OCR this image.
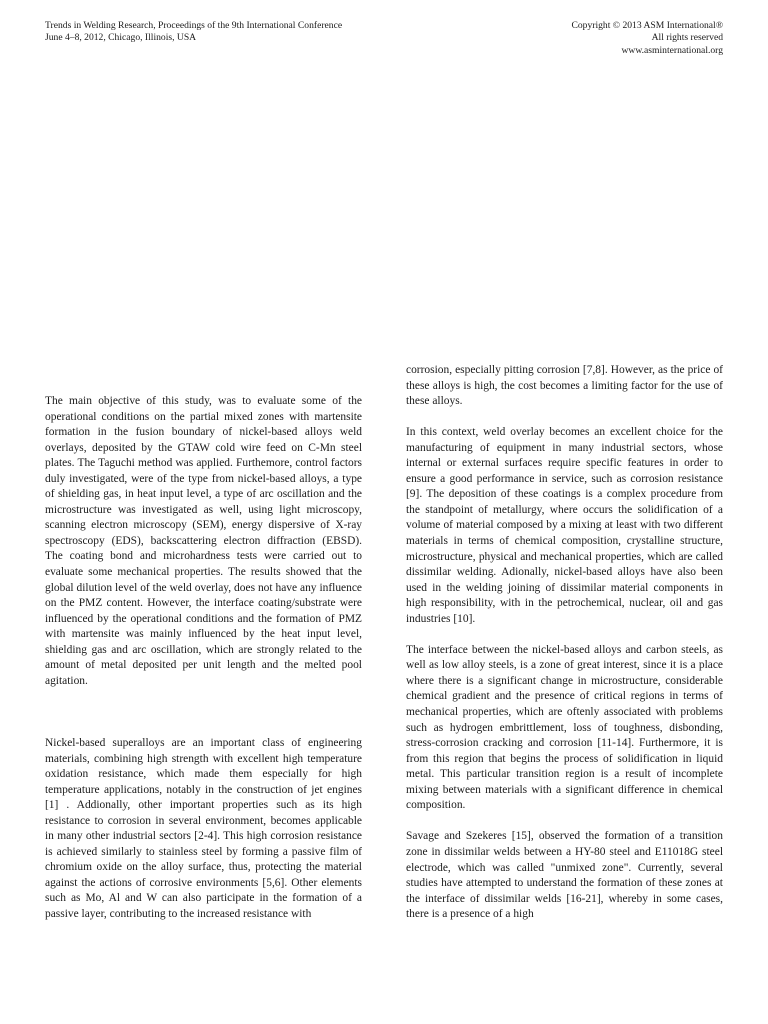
Trends in Welding Research, Proceedings of the 9th International Conference
June 4–8, 2012, Chicago, Illinois, USA
Copyright © 2013 ASM International®
All rights reserved
www.asminternational.org

The main objective of this study, was to evaluate some of the operational conditions on the partial mixed zones with martensite formation in the fusion boundary of nickel-based alloys weld overlays, deposited by the GTAW cold wire feed on C-Mn steel plates. The Taguchi method was applied. Furthemore, control factors duly investigated, were of the type from nickel-based alloys, a type of shielding gas, in heat input level, a type of arc oscillation and the microstructure was investigated as well, using light microscopy, scanning electron microscopy (SEM), energy dispersive of X-ray spectroscopy (EDS), backscattering electron diffraction (EBSD). The coating bond and microhardness tests were carried out to evaluate some mechanical properties. The results showed that the global dilution level of the weld overlay, does not have any influence on the PMZ content. However, the interface coating/substrate were influenced by the operational conditions and the formation of PMZ with martensite was mainly influenced by the heat input level, shielding gas and arc oscillation, which are strongly related to the amount of metal deposited per unit length and the melted pool agitation.

Nickel-based superalloys are an important class of engineering materials, combining high strength with excellent high temperature oxidation resistance, which made them especially for high temperature applications, notably in the construction of jet engines [1] . Addionally, other important properties such as its high resistance to corrosion in several environment, becomes applicable in many other industrial sectors [2-4]. This high corrosion resistance is achieved similarly to stainless steel by forming a passive film of chromium oxide on the alloy surface, thus, protecting the material against the actions of corrosive environments [5,6]. Other elements such as Mo, Al and W can also participate in the formation of a passive layer, contributing to the increased resistance with

corrosion, especially pitting corrosion [7,8]. However, as the price of these alloys is high, the cost becomes a limiting factor for the use of these alloys.

In this context, weld overlay becomes an excellent choice for the manufacturing of equipment in many industrial sectors, whose internal or external surfaces require specific features in order to ensure a good performance in service, such as corrosion resistance [9]. The deposition of these coatings is a complex procedure from the standpoint of metallurgy, where occurs the solidification of a volume of material composed by a mixing at least with two different materials in terms of chemical composition, crystalline structure, microstructure, physical and mechanical properties, which are called dissimilar welding. Adionally, nickel-based alloys have also been used in the welding joining of dissimilar material components in high responsibility, with in the petrochemical, nuclear, oil and gas industries [10].

The interface between the nickel-based alloys and carbon steels, as well as low alloy steels, is a zone of great interest, since it is a place where there is a significant change in microstructure, considerable chemical gradient and the presence of critical regions in terms of mechanical properties, which are oftenly associated with problems such as hydrogen embrittlement, loss of toughness, disbonding, stress-corrosion cracking and corrosion [11-14]. Furthermore, it is from this region that begins the process of solidification in liquid metal. This particular transition region is a result of incomplete mixing between materials with a significant difference in chemical composition.

Savage and Szekeres [15], observed the formation of a transition zone in dissimilar welds between a HY-80 steel and E11018G steel electrode, which was called "unmixed zone". Currently, several studies have attempted to understand the formation of these zones at the interface of dissimilar welds [16-21], whereby in some cases, there is a presence of a high
